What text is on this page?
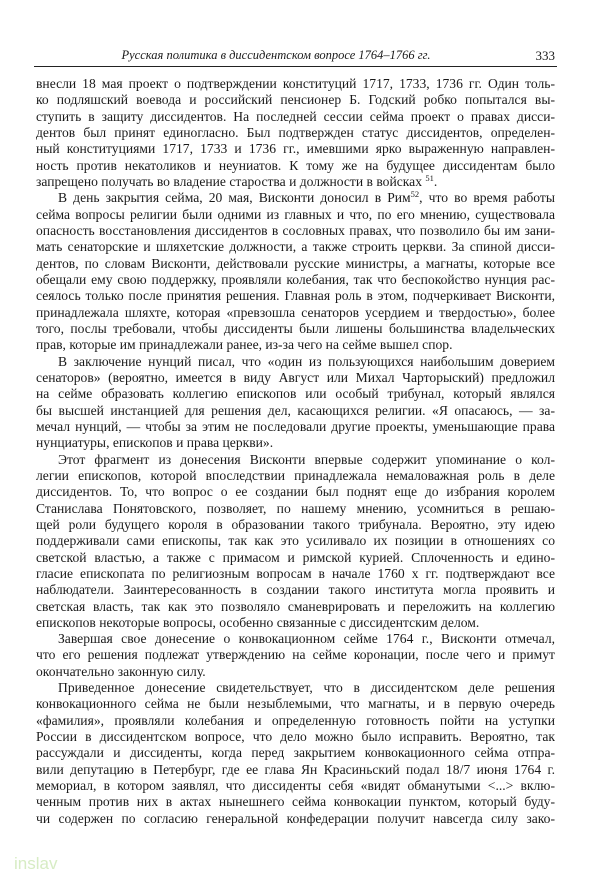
Русская политика в диссидентском вопросе 1764–1766 гг.	333
внесли 18 мая проект о подтверждении конституций 1717, 1733, 1736 гг. Один толь-
ко подляшский воевода и российский пенсионер Б. Годский робко попытался вы-
ступить в защиту диссидентов. На последней сессии сейма проект о правах дисси-
дентов был принят единогласно. Был подтвержден статус диссидентов, определен-
ный конституциями 1717, 1733 и 1736 гг., имевшими ярко выраженную направлен-
ность против некатоликов и неуниатов. К тому же на будущее диссидентам было
запрещено получать во владение староства и должности в войсках $^{51}$.
В день закрытия сейма, 20 мая, Висконти доносил в Рим$^{52}$, что во время работы
сейма вопросы религии были одними из главных и что, по его мнению, существовала
опасность восстановления диссидентов в сословных правах, что позволило бы им зани-
мать сенаторские и шляхетские должности, а также строить церкви. За спиной дисси-
дентов, по словам Висконти, действовали русские министры, а магнаты, которые все
обещали ему свою поддержку, проявляли колебания, так что беспокойство нунция рас-
сеялось только после принятия решения. Главная роль в этом, подчеркивает Висконти,
принадлежала шляхте, которая «превзошла сенаторов усердием и твердостью», более
того, послы требовали, чтобы диссиденты были лишены большинства владельческих
прав, которые им принадлежали ранее, из-за чего на сейме вышел спор.
В заключение нунций писал, что «один из пользующихся наибольшим доверием
сенаторов» (вероятно, имеется в виду Август или Михал Чарторыский) предложил
на сейме образовать коллегию епископов или особый трибунал, который являлся
бы высшей инстанцией для решения дел, касающихся религии. «Я опасаюсь, — за-
мечал нунций, — чтобы за этим не последовали другие проекты, уменьшающие права
нунциатуры, епископов и права церкви».
Этот фрагмент из донесения Висконти впервые содержит упоминание о кол-
легии епископов, которой впоследствии принадлежала немаловажная роль в деле
диссидентов. То, что вопрос о ее создании был поднят еще до избрания королем
Станислава Понятовского, позволяет, по нашему мнению, усомниться в решаю-
щей роли будущего короля в образовании такого трибунала. Вероятно, эту идею
поддерживали сами епископы, так как это усиливало их позиции в отношениях со
светской властью, а также с примасом и римской курией. Сплоченность и едино-
гласие епископата по религиозным вопросам в начале 1760 х гг. подтверждают все
наблюдатели. Заинтересованность в создании такого института могла проявить и
светская власть, так как это позволяло сманеврировать и переложить на коллегию
епископов некоторые вопросы, особенно связанные с диссидентским делом.
Завершая свое донесение о конвокационном сейме 1764 г., Висконти отмечал,
что его решения подлежат утверждению на сейме коронации, после чего и примут
окончательно законную силу.
Приведенное донесение свидетельствует, что в диссидентском деле решения
конвокационного сейма не были незыблемыми, что магнаты, и в первую очередь
«фамилия», проявляли колебания и определенную готовность пойти на уступки
России в диссидентском вопросе, что дело можно было исправить. Вероятно, так
рассуждали и диссиденты, когда перед закрытием конвокационного сейма отпра-
вили депутацию в Петербург, где ее глава Ян Красиньский подал 18/7 июня 1764 г.
мемориал, в котором заявлял, что диссиденты себя «видят обманутыми <...> вклю-
ченным против них в актах нынешнего сейма конвокации пунктом, который буду-
чи содержен по согласию генеральной конфедерации получит навсегда силу зако-
inslav
